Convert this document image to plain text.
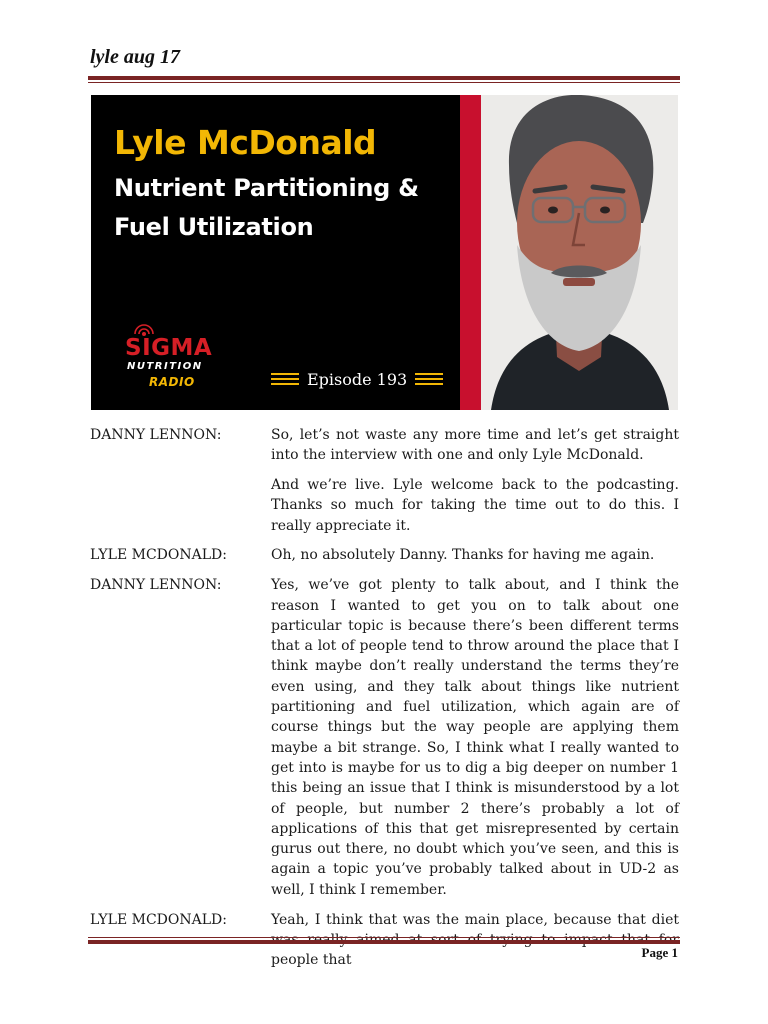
lyle aug 17
Lyle McDonald
Nutrient Partitioning &
Fuel Utilization
SIGMA
NUTRITION
RADIO	Episode 193
DANNY LENNON:	So, let’s not waste any more time and let’s get straight into the interview with one and only Lyle McDonald.

And we’re live. Lyle welcome back to the podcasting. Thanks so much for taking the time out to do this. I really appreciate it.

LYLE MCDONALD:	Oh, no absolutely Danny. Thanks for having me again.

DANNY LENNON:	Yes, we’ve got plenty to talk about, and I think the reason I wanted to get you on to talk about one particular topic is because there’s been different terms that a lot of people tend to throw around the place that I think maybe don’t really understand the terms they’re even using, and they talk about things like nutrient partitioning and fuel utilization, which again are of course things but the way people are applying them maybe a bit strange. So, I think what I really wanted to get into is maybe for us to dig a big deeper on number 1 this being an issue that I think is misunderstood by a lot of people, but number 2 there’s probably a lot of applications of this that get misrepresented by certain gurus out there, no doubt which you’ve seen, and this is again a topic you’ve probably talked about in UD-2 as well, I think I remember.

LYLE MCDONALD:	Yeah, I think that was the main place, because that diet people that	Page 1
